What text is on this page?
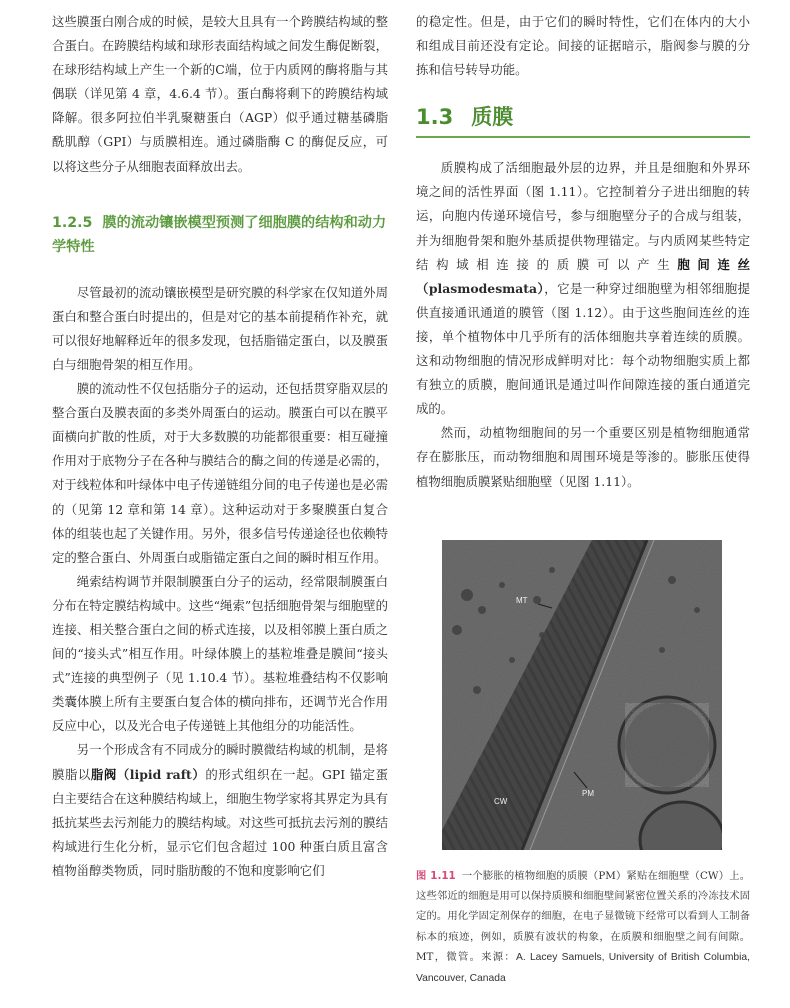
这些膜蛋白刚合成的时候，是较大且具有一个跨膜结构域的整合蛋白。在跨膜结构域和球形表面结构域之间发生酶促断裂，在球形结构域上产生一个新的C端，位于内质网的酶将脂与其偶联（详见第 4 章，4.6.4 节）。蛋白酶将剩下的跨膜结构域降解。很多阿拉伯半乳聚糖蛋白（AGP）似乎通过糖基磷脂酰肌醇（GPI）与质膜相连。通过磷脂酶 C 的酶促反应，可以将这些分子从细胞表面释放出去。

1.2.5 膜的流动镶嵌模型预测了细胞膜的结构和动力学特性

尽管最初的流动镶嵌模型是研究膜的科学家在仅知道外周蛋白和整合蛋白时提出的，但是对它的基本前提稍作补充，就可以很好地解释近年的很多发现，包括脂锚定蛋白，以及膜蛋白与细胞骨架的相互作用。

膜的流动性不仅包括脂分子的运动，还包括贯穿脂双层的整合蛋白及膜表面的多类外周蛋白的运动。膜蛋白可以在膜平面横向扩散的性质，对于大多数膜的功能都很重要：相互碰撞作用对于底物分子在各种与膜结合的酶之间的传递是必需的，对于线粒体和叶绿体中电子传递链组分间的电子传递也是必需的（见第 12 章和第 14 章）。这种运动对于多聚膜蛋白复合体的组装也起了关键作用。另外，很多信号传递途径也依赖特定的整合蛋白、外周蛋白或脂锚定蛋白之间的瞬时相互作用。

绳索结构调节并限制膜蛋白分子的运动，经常限制膜蛋白分布在特定膜结构域中。这些“绳索”包括细胞骨架与细胞壁的连接、相关整合蛋白之间的桥式连接，以及相邻膜上蛋白质之间的“接头式”相互作用。叶绿体膜上的基粒堆叠是膜间“接头式”连接的典型例子（见 1.10.4 节）。基粒堆叠结构不仅影响类囊体膜上所有主要蛋白复合体的横向排布，还调节光合作用反应中心，以及光合电子传递链上其他组分的功能活性。

另一个形成含有不同成分的瞬时膜微结构域的机制，是将膜脂以脂阀（lipid raft）的形式组织在一起。GPI 锚定蛋白主要结合在这种膜结构域上，细胞生物学家将其界定为具有抵抗某些去污剂能力的膜结构域。对这些可抵抗去污剂的膜结构域进行生化分析，显示它们包含超过 100 种蛋白质且富含植物甾醇类物质，同时脂肪酸的不饱和度影响它们

的稳定性。但是，由于它们的瞬时特性，它们在体内的大小和组成目前还没有定论。间接的证据暗示，脂阀参与膜的分拣和信号转导功能。

1.3 质膜

质膜构成了活细胞最外层的边界，并且是细胞和外界环境之间的活性界面（图 1.11）。它控制着分子进出细胞的转运，向胞内传递环境信号，参与细胞壁分子的合成与组装，并为细胞骨架和胞外基质提供物理锚定。与内质网某些特定结构域相连接的质膜可以产生胞间连丝（plasmodesmata），它是一种穿过细胞壁为相邻细胞提供直接通讯通道的膜管（图 1.12）。由于这些胞间连丝的连接，单个植物体中几乎所有的活体细胞共享着连续的质膜。这和动物细胞的情况形成鲜明对比：每个动物细胞实质上都有独立的质膜，胞间通讯是通过叫作间隙连接的蛋白通道完成的。

然而，动植物细胞间的另一个重要区别是植物细胞通常存在膨胀压，而动物细胞和周围环境是等渗的。膨胀压使得植物细胞质膜紧贴细胞壁（见图 1.11）。

MT
PM
CW
图 1.11 一个膨胀的植物细胞的质膜（PM）紧贴在细胞壁（CW）上。这些邻近的细胞是用可以保持质膜和细胞壁间紧密位置关系的冷冻技术固定的。用化学固定剂保存的细胞，在电子显微镜下经常可以看到人工制备标本的痕迹，例如，质膜有波状的构象，在质膜和细胞壁之间有间隙。MT，微管。来源：A. Lacey Samuels, University of British Columbia, Vancouver, Canada
